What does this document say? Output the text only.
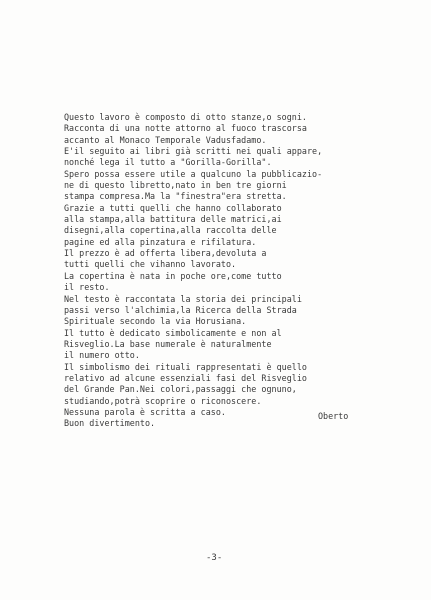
Questo lavoro è composto di otto stanze,o sogni.
Racconta di una notte attorno al fuoco trascorsa
accanto al Monaco Temporale Vadusfadamo.
E'il seguito ai libri già scritti nei quali appare,
nonché lega il tutto a "Gorilla-Gorilla".
Spero possa essere utile a qualcuno la pubblicazio-
ne di questo libretto,nato in ben tre giorni
stampa compresa.Ma la "finestra"era stretta.
Grazie a tutti quelli che hanno collaborato
alla stampa,alla battitura delle matrici,ai
disegni,alla copertina,alla raccolta delle
pagine ed alla pinzatura e rifilatura.
Il prezzo è ad offerta libera,devoluta a
tutti quelli che vihanno lavorato.
La copertina è nata in poche ore,come tutto
il resto.
Nel testo è raccontata la storia dei principali
passi verso l'alchimia,la Ricerca della Strada
Spirituale secondo la via Horusiana.
Il tutto è dedicato simbolicamente e non al
Risveglio.La base numerale è naturalmente
il numero otto.
Il simbolismo dei rituali rappresentati è quello
relativo ad alcune essenziali fasi del Risveglio
del Grande Pan.Nei colori,passaggi che ognuno,
studiando,potrà scoprire o riconoscere.
Nessuna parola è scritta a caso.
Buon divertimento.
Oberto
-3-
